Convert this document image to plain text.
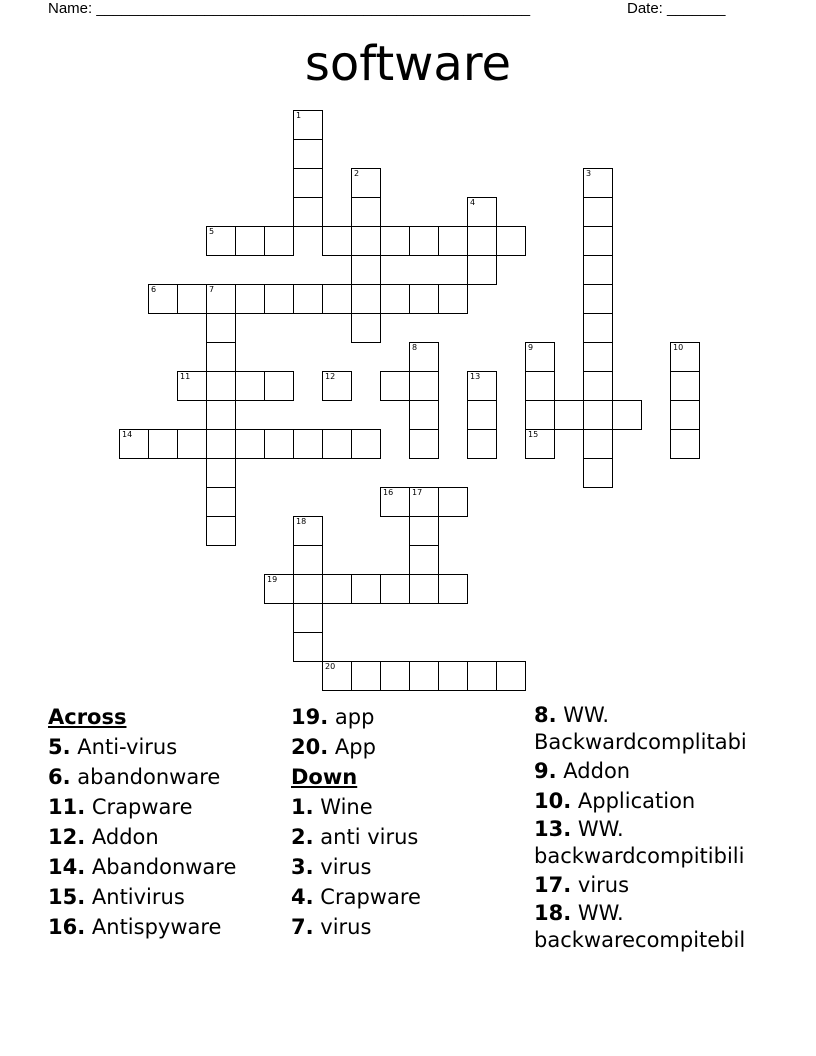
Name: ____________________________________________________	Date: _______
software
1
2	3
4
5
6	7
8	9
15
10
11	12	13
14
16 17
18
19
20
Across
5. Anti-virus
6. abandonware
11. Crapware
12. Addon
14. Abandonware
15. Antivirus
16. Antispyware
19. app
20. App
Down
1. Wine
2. anti virus
3. virus
4. Crapware
7. virus
8. WW.
Backwardcomplitabi
9. Addon
10. Application
13. WW.
backwardcompitibili
17. virus
18. WW.
backwarecompitebil
